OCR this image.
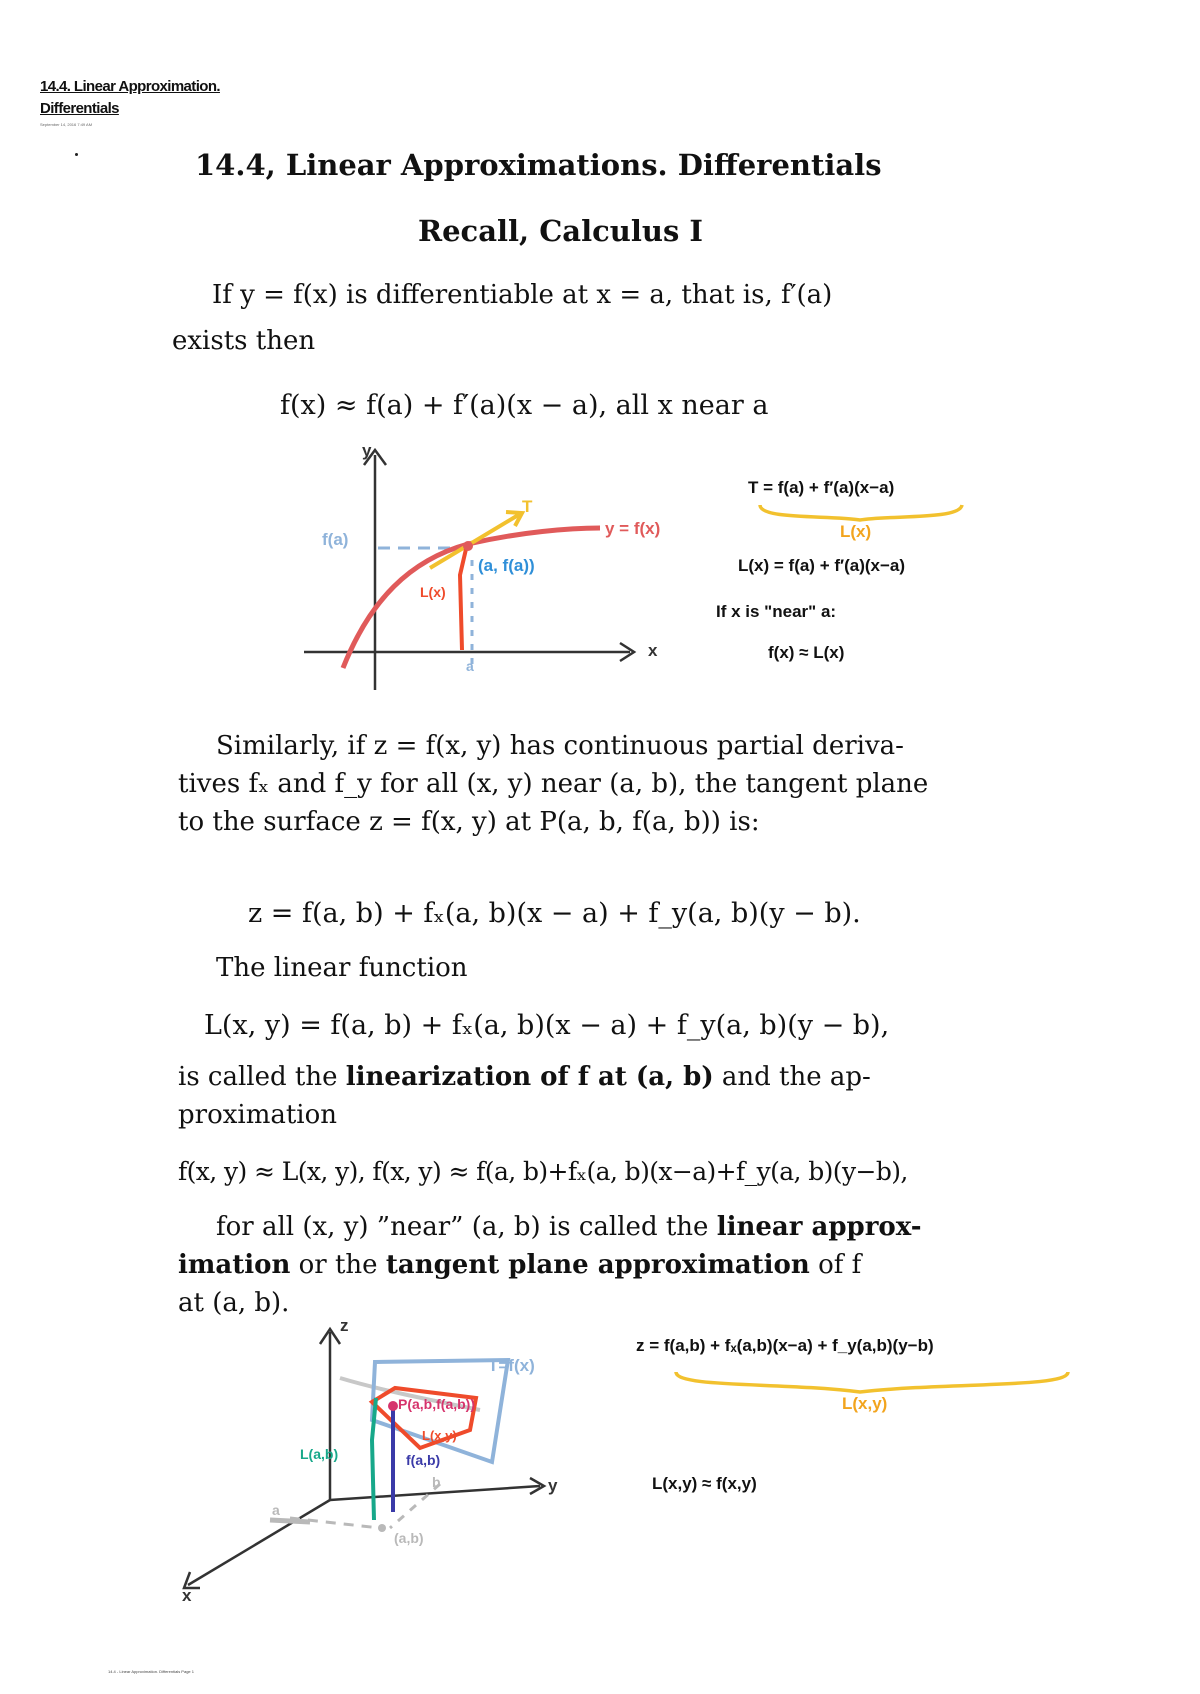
14.4. Linear Approximation. Differentials
September 14, 2016 7:49 AM
14.4, Linear Approximations. Differentials
Recall, Calculus I
If y = f(x) is differentiable at x = a, that is, f′(a)
exists then
f(x) ≈ f(a) + f′(a)(x − a), all x near a
Similarly, if z = f(x, y) has continuous partial deriva-
tives fₓ and f_y for all (x, y) near (a, b), the tangent plane
to the surface z = f(x, y) at P(a, b, f(a, b)) is:
z = f(a, b) + fₓ(a, b)(x − a) + f_y(a, b)(y − b).
The linear function
L(x, y) = f(a, b) + fₓ(a, b)(x − a) + f_y(a, b)(y − b),
is called the linearization of f at (a, b) and the ap-
proximation
f(x, y) ≈ L(x, y), f(x, y) ≈ f(a, b)+fₓ(a, b)(x−a)+f_y(a, b)(y−b),
for all (x, y) ”near” (a, b) is called the linear approx-
imation or the tangent plane approximation of f
at (a, b).
y
x
f(a)
y = f(x)
T
(a, f(a))
L(x)
a
T = f(a) + f′(a)(x−a)
L(x)
L(x) = f(a) + f′(a)(x−a)
If x is "near" a:
f(x) ≈ L(x)
z
y
x
T=f(x)
P(a,b,f(a,b))
L(x,y)
L(a,b)	f(a,b)
a
b
(a,b)
z = f(a,b) + fₓ(a,b)(x−a) + f_y(a,b)(y−b)
L(x,y)
L(x,y) ≈ f(x,y)
14.4 - Linear Approximation. Differentials Page 1
